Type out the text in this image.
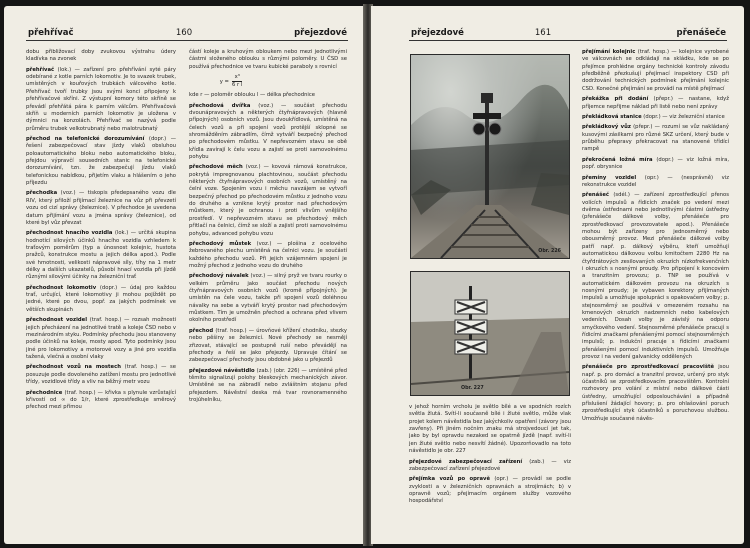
přehřívač	160	přejezdové

dobu přibližovací doby zvukovou výstrahu údery kladívka na zvonek

přehřívač (lok.) — zařízení pro přehřívání syté páry odebírané z kotle parních lokomotiv. Je to svazek trubek, umístěných v kouřových trubkách válcového kotle. Přehřívač tvoří trubky jsou svými konci připojeny k přehřívačové skříni. Z výstupní komory této skříně se převádí přehřátá pára k parním válcům. Přehřívačová skříň u moderních parních lokomotiv je uložena v dýmnici na konzolách. Přehřívač se nazývá podle průměru trubek velkotrubnatý nebo malotrubnatý

přechod na telefonické dorozumívání (dopr.) — řešení zabezpečovací stav jízdy vlaků obsluhou poloautomatického bloku nebo automatického bloku, přejdou výpravčí sousedních stanic na telefonické dorozumívání, tzn. že zabezpečují jízdu vlaků telefonickou nabídkou, přijetím vlaku a hlášením o jeho příjezdu

přechodka (voz.) — tiskopis předepsaného vozu dle RIV, který přiloží přijímací železnice na vůz při převzetí vozu od cizí správy (železnice). V přechodce je uvedena datum přijímání vozu a jména správy (železnice), od které byl vůz převzat

přechodnost hnacího vozidla (lok.) — určitá skupina hodnotící silových účinků hnacího vozidla vzhledem k traťovým poměrům (typ a únosnost kolejnic, hustota pražců, konstrukce mostu a jejich délka apod.). Podle své hmotnosti, velikosti nápravové síly, tíhy na 1 metr délky a dalších ukazatelů, působí hnací vozidla při jízdě různými silovými účinky na železniční trať

přechodnost lokomotiv (dopr.) — údaj pro každou trať, určující, které lokomotivy ji mohou pojíždět po jedné, které po dvou, popř. za jakých podmínek ve větších skupinách

přechodnost vozidel (traf. hosp.) — rozsah možnosti jejich přecházení na jednotlivé tratě a koleje ČSD nebo v mezinárodním styku. Podmínky přechodu jsou stanoveny podle účinků na koleje, mosty apod. Tyto podmínky jsou jiné pro lokomotivy a motorové vozy a jiné pro vozidla tažená, vlečná a osobní vlaky

přechodnost vozů na mostech (traf. hosp.) — se posuzuje podle dovoleného zatížení mostu pro jednotlivé třídy, vozidlové třídy a vliv na běžný metr vozu

přechodnice (traf. hosp.) — křivka s plynule vzrůstající křivostí od ∞ do 1/r, které zprostředkuje směrový přechod mezi přímou

částí koleje a kruhovým obloukem nebo mezi jednotlivými částmi složeného oblouku s různými poloměry. U ČSD se používá přechodnice ve tvaru kubické paraboly s rovnicí

$y = \frac{\text{x³}}{\text{6 r l}}$

kde r — poloměr oblouku l — délka přechodnice

přechodová dvířka (voz.) — součást přechodu dvounápravových a některých čtyřnápravových (hlavně přípojných) osobních vozů. Jsou dvoukřídlová, umístěná na čelech vozů a při spojení vozů protější sklopné se shromážděním zábradlím, čímž vytváří bezpečný přechod po přechodovém můstku. V nepřevozném stavu se obě křídla zavírají k čelu vozu a zajistí se proti samovolnému pohybu

přechodové měch (voz.) — kovová rámová konstrukce, pokrytá impregnovanou plachtovinou, součást přechodu některých čtyřnápravových osobních vozů, umístěný na čelní voze. Spojením vozu i měchu navzájem se vytvoří bezpečný přechod po přechodovém můstku z jednoho vozu do druhého a vznikne krytý prostor nad přechodovým můstkem, který je ochranou i proti vlivům vnějšího prostředí. V nepřevozném stavu se přechodový měch přitlačí na čelnici, čímž se složí a zajistí proti samovolnému pohybu, advanced pohybu vozu

přechodový můstek (voz.) — plošina z ocelového žebrovaného plechu umístěná na čelnici vozu. Je součástí každého přechodu vozů. Při jejich vzájemném spojení je možný přechod z jednoho vozu do druhého

přechodový návalek (voz.) — silný pryž ve tvaru rourky o velkém průměru jako součást přechodu nových čtyřnápravových osobních vozů (kromě přípojných). Je umístěn na čele vozu, takže při spojení vozů doléhnou návalky na sebe a vytváří krytý prostor nad přechodovým můstkem. Tím je umožněn přechod a ochrana před vlivem okolního prostředí

přechod (traf. hosp.) — úrovňové křížení chodníku, stezky nebo pěšiny se železnicí. Nové přechody se nesmějí zřizovat, stávající se postupně ruší nebo převádějí na přechody a řeší se jako přejezdy. Upravuje čítání se zabezpečovací přechody jsou obdobné jako u přejezdů

přejezdové návěstidlo (zab.) (obr. 226) — umístěné před těmito signalizují polohy bleskových mechanických závor. Umístěné se na zábradlí nebo zvláštním stojanu před přejezdem. Návěstní deska má tvar rovnoramenného trojúhelníku,

přejezdové	161	přenášeče
Obr. 226
Obr. 227

v jehož horním vrcholu je světlo bílé a ve spodních rozích světla žlutá. Svítí-li současně bílé i žluté světlo, může vlak projet kolem návěstidla bez jakýchkoliv opatření (závory jsou zavřeny). Při jiném nočním znaku má strojvedoucí jet tak, jako by byl opravdu nezaked se opatrně jízdě (např. svítí-li jen žluté světlo nebo nesvítí žádné). Upozorňovadlo na toto návěstidlo je obr. 227

přejezdové zabezpečovací zařízení (zab.) — viz zabezpečovací zařízení přejezdové

přejímka vozů po opravě (opr.) — provádí se podle zvyklosti a v železničních opravnách a strojírnách; b) v opravně vozů; přejímacím orgánem služby vozového hospodářství

přejímání kolejnic (traf. hosp.) — kolejnice vyrobené ve válcovnách se odkládají na skládku, kde se po přejímce prohlédne orgány technické kontroly závodu předběžně přezkušují přejímací inspektory CSD při dodržování technických podmínek přejímání kolejnic CSD. Konečné přejímání se provádí na místě přejímací

překážka při dodání (přepr.) — nastane, když příjemce nepřijme náklad při listě nebo není zprávy

překládková stanice (dopr.) — viz železniční stanice

překládkový vůz (přepr.) — rozumí se vůz nakládaný kusovými zásilkami pro různé SKZ určení, který bude v průběhu přepravy překracovat na stanovené třídící rampě

překročená ložná míra (dopr.) — viz ložná míra, popř. obrysnice

přemíny vozidel (opr.) — (nesprávně) viz rekonstrukce vozidel

přenášeč (sdél.) — zařízení zprostředkující přenos volících impulsů a řídicích značek po vedení mezi dvěma ústřednami nebo jednotlivými částmi ústředny (přenášeče dálkové volby, přenášeče pro zprostředkovací provozovatele apod.). Přenášeče mohou být zařízeny pro jednosměrný nebo obousměrný provoz. Mezi přenášeče dálkové volby patří např. p. dálkový výběru, kteří umožňují automatickou dálkovou volbu kmitočtem 2280 Hz na čtyřdrátových zesilovaných okruzích nízkofrekvenčních i okruzích s nosnými proudy. Pro připojení k koncovém a tranzitním provozu; p. TNP se používá v automatickém dálkovém provozu na okruzích s nosnými proudy; je vybaven korektory přijímaných impulsů a umožňuje spolupráci s opakovačem volby; p. stejnosměrný se používá v omezeném rozsahu na kmenových okruzích nadzemních nebo kabelových vedeních. Dosah volby je závislý na odporu smyčkového vedení. Stejnosměrné přenášeče pracují s řídicími značkami přenášenými pomocí stejnosměrných impulsů; p. indukční pracuje s řídicími značkami přenášenými pomocí induktivních impulsů. Umožňuje provoz i na vedení galvanicky oddělených

přenášeče pro zprostředkovací pracoviště jsou např. p. pro domácí a tranzitní provoz, určený pro styk účastníků se zprostředkovacím pracovištěm. Kontrolní rozhovory pro volání z místní nebo dálkové části ústředny, umožňující odposlouchávání a případně příslušení žádající hovory; p. pro ohlašování poruch zprostředkující styk účastníků s poruchovou službou. Umožňuje současné návěs-
